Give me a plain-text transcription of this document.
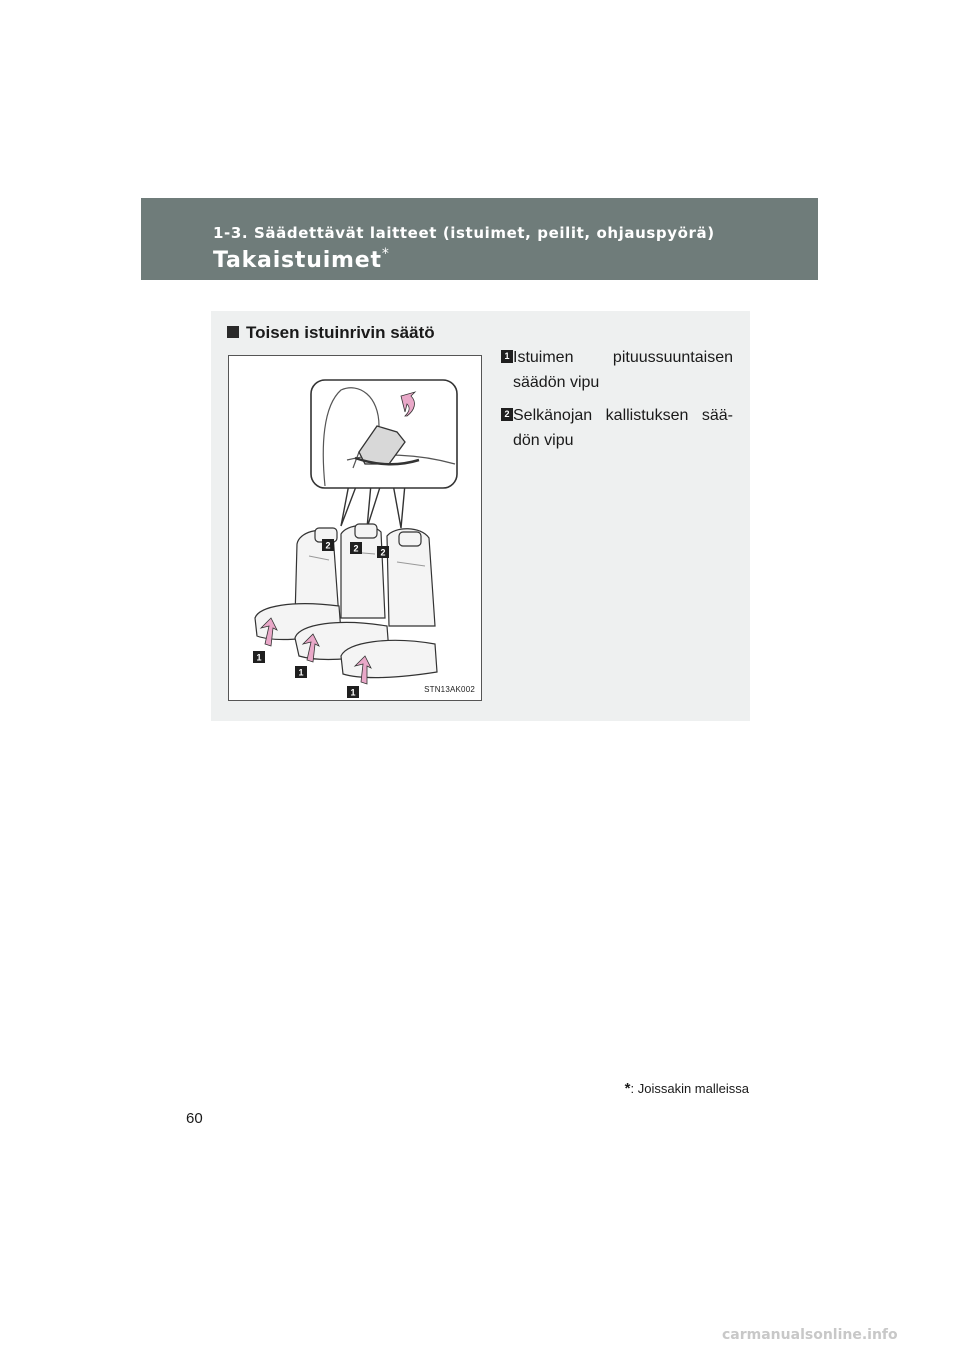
1-3. Säädettävät laitteet (istuimet, peilit, ohjauspyörä)
Takaistuimet*
Toisen istuinrivin säätö
2	2 2
1
1
1	STN13AK002
1 Istuimen pituussuuntaisen
säädön vipu
2 Selkänojan kallistuksen sää-
dön vipu
*: Joissakin malleissa
60
carmanualsonline.info
